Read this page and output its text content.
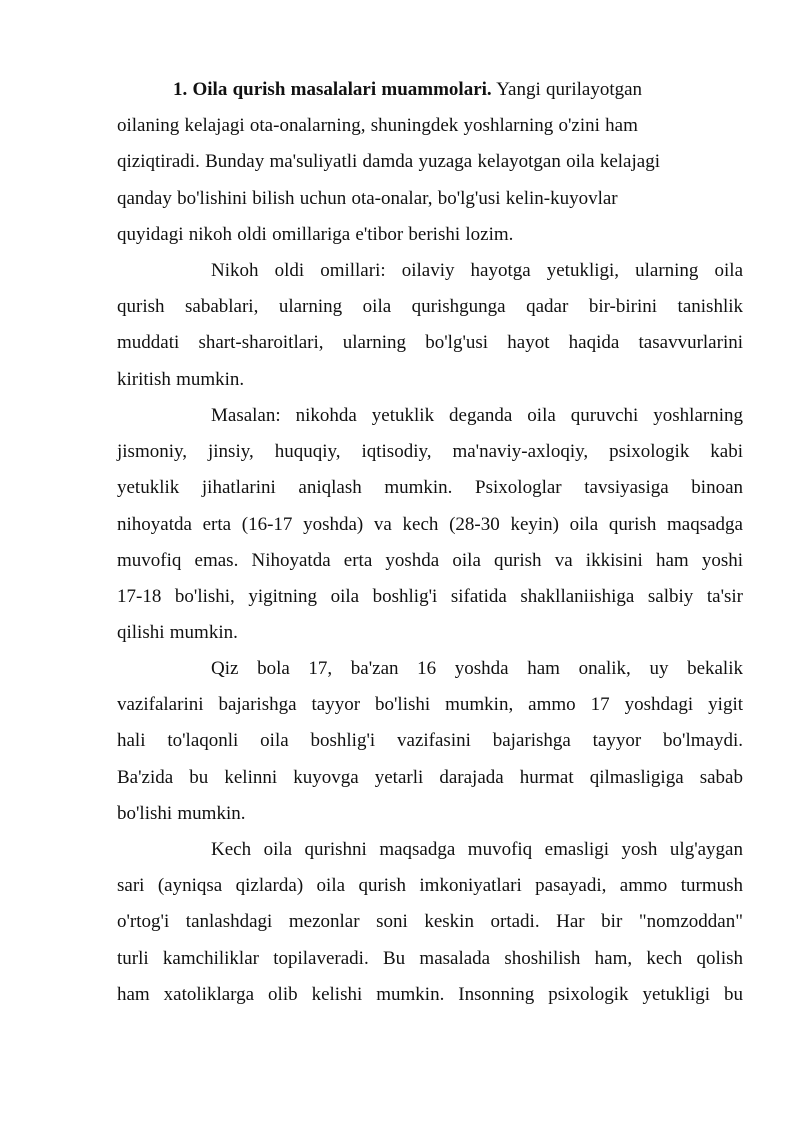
1. Oila qurish masalalari muammolari. Yangi qurilayotgan
oilaning kelajagi ota-onalarning, shuningdek yoshlarning o'zini ham
qiziqtiradi. Bunday ma'suliyatli damda yuzaga kelayotgan oila kelajagi
qanday bo'lishini bilish uchun ota-onalar, bo'lg'usi kelin-kuyovlar
quyidagi nikoh oldi omillariga e'tibor berishi lozim.
Nikoh oldi omillari: oilaviy hayotga yetukligi, ularning oila
qurish sabablari, ularning oila qurishgunga qadar bir-birini tanishlik
muddati shart-sharoitlari, ularning bo'lg'usi hayot haqida tasavvurlarini
kiritish mumkin.
Masalan: nikohda yetuklik deganda oila quruvchi yoshlarning
jismoniy, jinsiy, huquqiy, iqtisodiy, ma'naviy-axloqiy, psixologik kabi
yetuklik jihatlarini aniqlash mumkin. Psixologlar tavsiyasiga binoan
nihoyatda erta (16-17 yoshda) va kech (28-30 keyin) oila qurish maqsadga
muvofiq emas. Nihoyatda erta yoshda oila qurish va ikkisini ham yoshi
17-18 bo'lishi, yigitning oila boshlig'i sifatida shakllaniishiga salbiy ta'sir
qilishi mumkin.
Qiz bola 17, ba'zan 16 yoshda ham onalik, uy bekalik
vazifalarini bajarishga tayyor bo'lishi mumkin, ammo 17 yoshdagi yigit
hali to'laqonli oila boshlig'i vazifasini bajarishga tayyor bo'lmaydi.
Ba'zida bu kelinni kuyovga yetarli darajada hurmat qilmasligiga sabab
bo'lishi mumkin.
Kech oila qurishni maqsadga muvofiq emasligi yosh ulg'aygan
sari (ayniqsa qizlarda) oila qurish imkoniyatlari pasayadi, ammo turmush
o'rtog'i tanlashdagi mezonlar soni keskin ortadi. Har bir "nomzoddan"
turli kamchiliklar topilaveradi. Bu masalada shoshilish ham, kech qolish
ham xatoliklarga olib kelishi mumkin. Insonning psixologik yetukligi bu
